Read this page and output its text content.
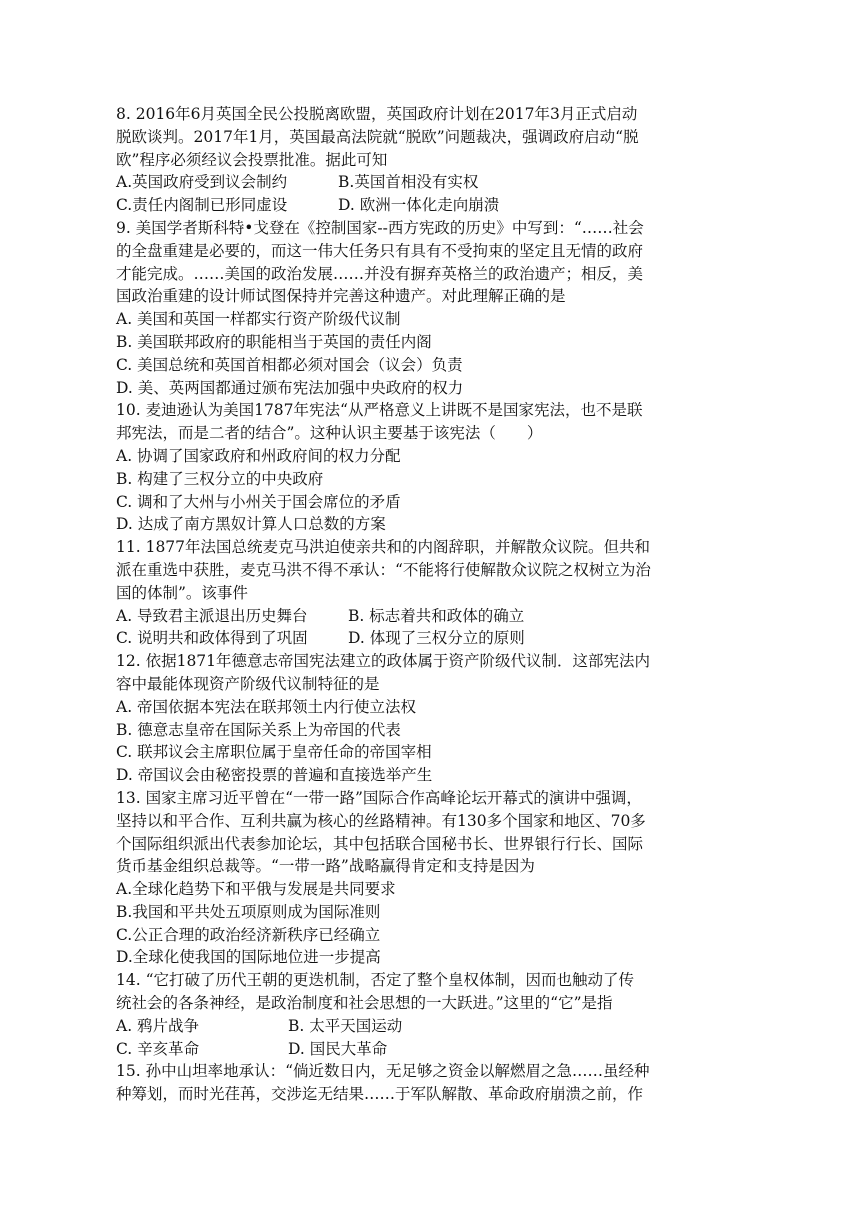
8. 2016年6月英国全民公投脱离欧盟，英国政府计划在2017年3月正式启动
脱欧谈判。2017年1月，英国最高法院就“脱欧”问题裁决，强调政府启动“脱
欧”程序必须经议会投票批准。据此可知
A.英国政府受到议会制约	B.英国首相没有实权
C.责任内阁制已形同虚设	D. 欧洲一体化走向崩溃
9. 美国学者斯科特•戈登在《控制国家--西方宪政的历史》中写到：“……社会
的全盘重建是必要的，而这一伟大任务只有具有不受拘束的坚定且无情的政府
才能完成。……美国的政治发展……并没有摒弃英格兰的政治遗产；相反，美
国政治重建的设计师试图保持并完善这种遗产。对此理解正确的是
A. 美国和英国一样都实行资产阶级代议制
B. 美国联邦政府的职能相当于英国的责任内阁
C. 美国总统和英国首相都必须对国会（议会）负责
D. 美、英两国都通过颁布宪法加强中央政府的权力
10. 麦迪逊认为美国1787年宪法“从严格意义上讲既不是国家宪法，也不是联
邦宪法，而是二者的结合”。这种认识主要基于该宪法（　　）
A. 协调了国家政府和州政府间的权力分配
B. 构建了三权分立的中央政府
C. 调和了大州与小州关于国会席位的矛盾
D. 达成了南方黑奴计算人口总数的方案
11. 1877年法国总统麦克马洪迫使亲共和的内阁辞职，并解散众议院。但共和
派在重选中获胜，麦克马洪不得不承认：“不能将行使解散众议院之权树立为治
国的体制”。该事件
A. 导致君主派退出历史舞台	B. 标志着共和政体的确立
C. 说明共和政体得到了巩固	D. 体现了三权分立的原则
12. 依据1871年德意志帝国宪法建立的政体属于资产阶级代议制．这部宪法内
容中最能体现资产阶级代议制特征的是
A. 帝国依据本宪法在联邦领土内行使立法权
B. 德意志皇帝在国际关系上为帝国的代表
C. 联邦议会主席职位属于皇帝任命的帝国宰相
D. 帝国议会由秘密投票的普遍和直接选举产生
13. 国家主席习近平曾在“一带一路”国际合作高峰论坛开幕式的演讲中强调，
坚持以和平合作、互利共赢为核心的丝路精神。有130多个国家和地区、70多
个国际组织派出代表参加论坛，其中包括联合国秘书长、世界银行行长、国际
货币基金组织总裁等。“一带一路”战略赢得肯定和支持是因为
A.全球化趋势下和平俄与发展是共同要求
B.我国和平共处五项原则成为国际准则
C.公正合理的政治经济新秩序已经确立
D.全球化使我国的国际地位进一步提高
14. “它打破了历代王朝的更迭机制，否定了整个皇权体制，因而也触动了传
统社会的各条神经，是政治制度和社会思想的一大跃进。”这里的“它”是指
A. 鸦片战争	B. 太平天国运动
C. 辛亥革命	D. 国民大革命
15. 孙中山坦率地承认：“倘近数日内，无足够之资金以解燃眉之急……虽经种
种筹划，而时光荏苒，交涉迄无结果……于军队解散、革命政府崩溃之前，作
